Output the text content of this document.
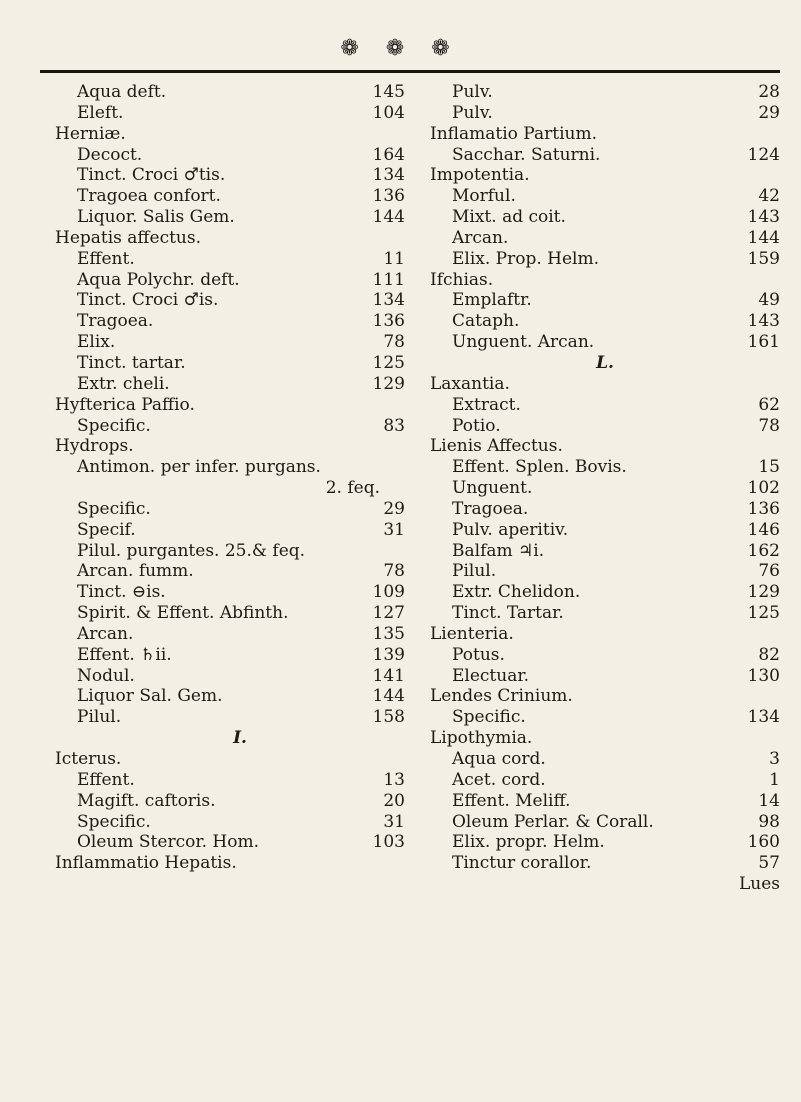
❁ ❁ ❁
Aqua deft.	145
Eleft.	104
Herniæ.
Decoct.	164
Tinct. Croci ♂tis.	134
Tragoea confort.	136
Liquor. Salis Gem.	144
Hepatis affectus.
Effent.	11
Aqua Polychr. deft.	111
Tinct. Croci ♂is.	134
Tragoea.	136
Elix.	78
Tinct. tartar.	125
Extr. cheli.	129
Hyfterica Paffio.
Specific.	83
Hydrops.
Antimon. per infer. purgans.
2. feq.
Specific.	29
Specif.	31
Pilul. purgantes. 25.& feq.
Arcan. fumm.	78
Tinct. ⊖is.	109
Spirit. & Effent. Abfinth.	127
Arcan.	135
Effent. ♄ii.	139
Nodul.	141
Liquor Sal. Gem.	144
Pilul.	158
I.
Icterus.
Effent.	13
Magift. caftoris.	20
Specific.	31
Oleum Stercor. Hom.	103
Inflammatio Hepatis.
Pulv.	28
Pulv.	29
Inflamatio Partium.
Sacchar. Saturni.	124
Impotentia.
Morful.	42
Mixt. ad coit.	143
Arcan.	144
Elix. Prop. Helm.	159
Ifchias.
Emplaftr.	49
Cataph.	143
Unguent. Arcan.	161
L.
Laxantia.
Extract.	62
Potio.	78
Lienis Affectus.
Effent. Splen. Bovis.	15
Unguent.	102
Tragoea.	136
Pulv. aperitiv.	146
Balfam ♃i.	162
Pilul.	76
Extr. Chelidon.	129
Tinct. Tartar.	125
Lienteria.
Potus.	82
Electuar.	130
Lendes Crinium.
Specific.	134
Lipothymia.
Aqua cord.	3
Acet. cord.	1
Effent. Meliff.	14
Oleum Perlar. & Corall.	98
Elix. propr. Helm.	160
Tinctur corallor.	57
Lues
